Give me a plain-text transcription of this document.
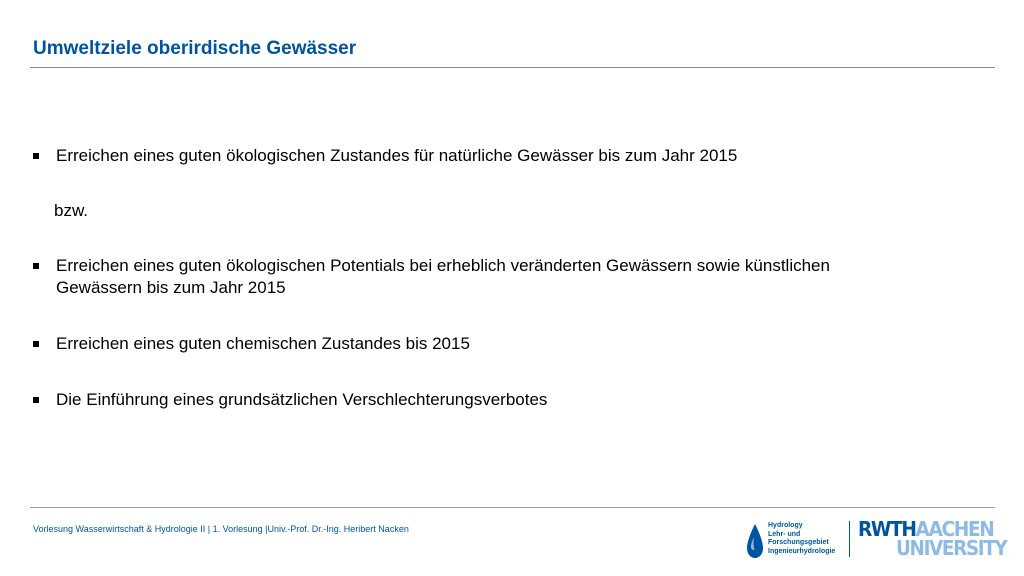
Umweltziele oberirdische Gewässer
Erreichen eines guten ökologischen Zustandes für natürliche Gewässer bis zum Jahr 2015
bzw.
Erreichen eines guten ökologischen Potentials bei erheblich veränderten Gewässern sowie künstlichen
Gewässern bis zum Jahr 2015
Erreichen eines guten chemischen Zustandes bis 2015
Die Einführung eines grundsätzlichen Verschlechterungsverbotes
Vorlesung Wasserwirtschaft & Hydrologie II | 1. Vorlesung |Univ.-Prof. Dr.-Ing. Heribert Nacken	Hydrology
Lehr- und
Forschungsgebiet
Ingenieurhydrologie
RWTHAACHEN
UNIVERSITY
